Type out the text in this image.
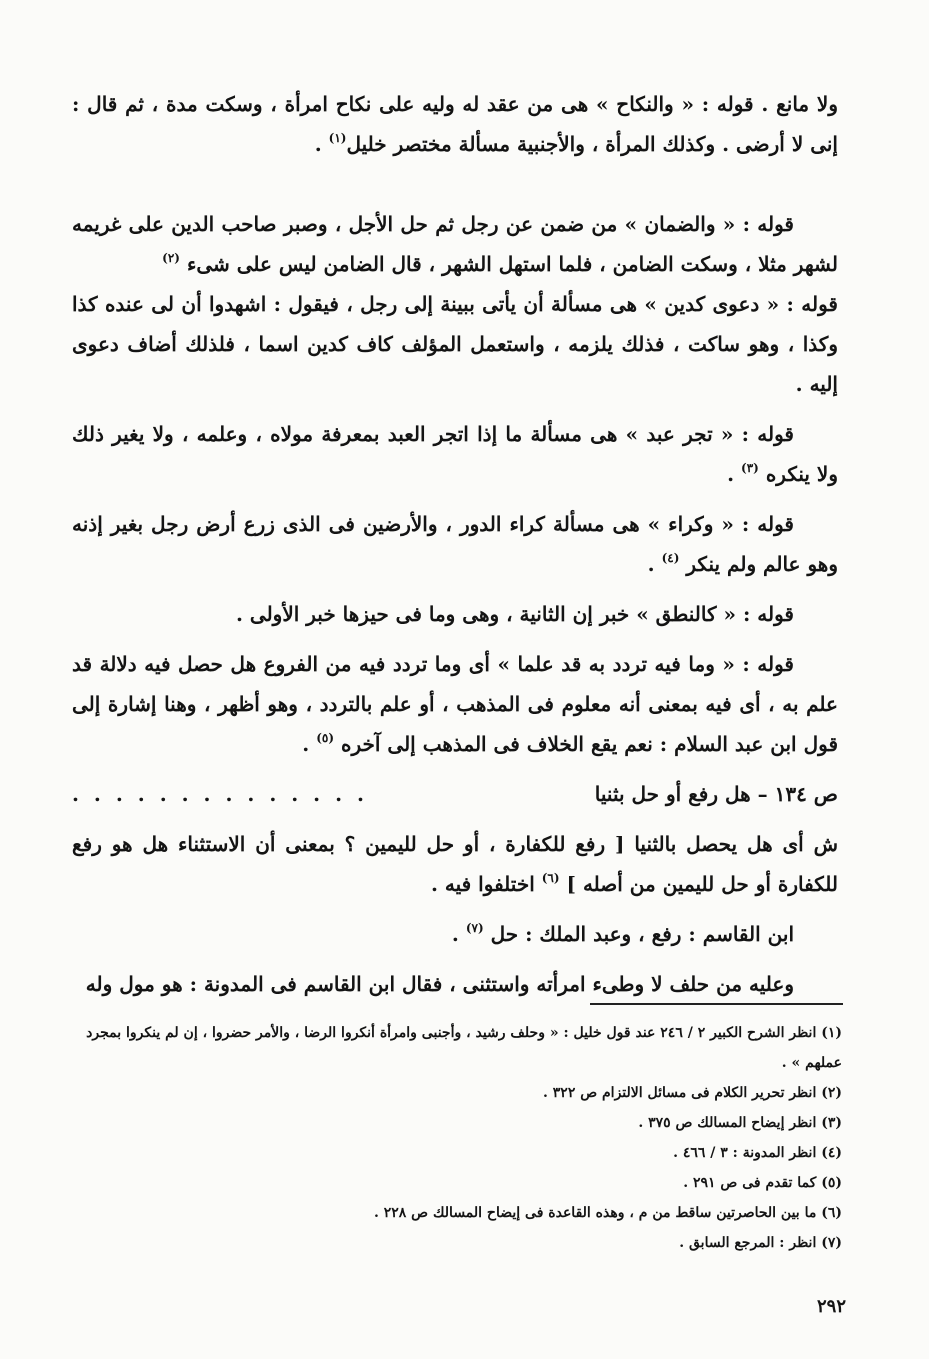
ولا مانع . قوله : « والنكاح » هى من عقد له وليه على نكاح امرأة ، وسكت مدة ، ثم قال : إنى لا أرضى . وكذلك المرأة ، والأجنبية مسألة مختصر خليل$^{(١)}$ .

قوله : « والضمان » من ضمن عن رجل ثم حل الأجل ، وصبر صاحب الدين على غريمه لشهر مثلا ، وسكت الضامن ، فلما استهل الشهر ، قال الضامن ليس على شىء $^{(٢)}$

قوله : « دعوى كدين » هى مسألة أن يأتى ببينة إلى رجل ، فيقول : اشهدوا أن لى عنده كذا وكذا ، وهو ساكت ، فذلك يلزمه ، واستعمل المؤلف كاف كدين اسما ، فلذلك أضاف دعوى إليه .

قوله : « تجر عبد » هى مسألة ما إذا اتجر العبد بمعرفة مولاه ، وعلمه ، ولا يغير ذلك ولا ينكره $^{(٣)}$ .

قوله : « وكراء » هى مسألة كراء الدور ، والأرضين فى الذى زرع أرض رجل بغير إذنه وهو عالم ولم ينكر $^{(٤)}$ .

قوله : « كالنطق » خبر إن الثانية ، وهى وما فى حيزها خبر الأولى .

قوله : « وما فيه تردد به قد علما » أى وما تردد فيه من الفروع هل حصل فيه دلالة قد علم به ، أى فيه بمعنى أنه معلوم فى المذهب ، أو علم بالتردد ، وهو أظهر ، وهنا إشارة إلى قول ابن عبد السلام : نعم يقع الخلاف فى المذهب إلى آخره $^{(٥)}$ .

ص ١٣٤ – هل رفع أو حل بثنيا
. . . . . . . . . . . . . .

ش أى هل يحصل بالثنيا [ رفع للكفارة ، أو حل لليمين ؟ بمعنى أن الاستثناء هل هو رفع للكفارة أو حل لليمين من أصله ] $^{(٦)}$ اختلفوا فيه .

ابن القاسم : رفع ، وعبد الملك : حل $^{(٧)}$ .

وعليه من حلف لا وطىء امرأته واستثنى ، فقال ابن القاسم فى المدونة : هو مول وله

(١) انظر الشرح الكبير ٢ / ٢٤٦ عند قول خليل : « وحلف رشيد ، وأجنبى وامرأة أنكروا الرضا ، والأمر حضروا ، إن لم ينكروا بمجرد عملهم » .

(٢) انظر تحرير الكلام فى مسائل الالتزام ص ٣٢٢ .

(٣) انظر إيضاح المسالك ص ٣٧٥ .

(٤) انظر المدونة : ٣ / ٤٦٦ .

(٥) كما تقدم فى ص ٢٩١ .

(٦) ما بين الحاصرتين ساقط من م ، وهذه القاعدة فى إيضاح المسالك ص ٢٢٨ .

(٧) انظر : المرجع السابق .

٢٩٢
